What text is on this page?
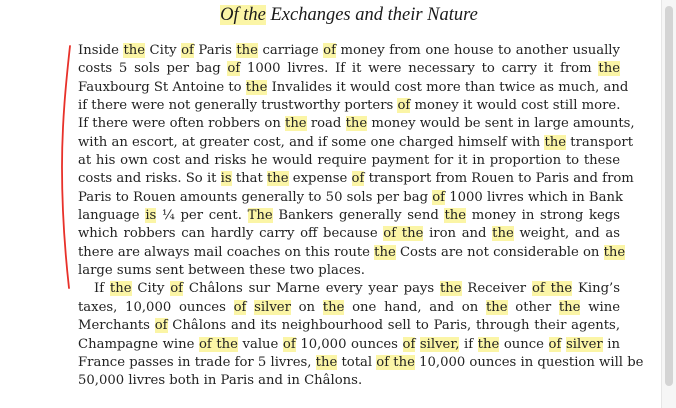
Of the Exchanges and their Nature
Inside the City of Paris the carriage of money from one house to another usually
costs 5 sols per bag of 1000 livres. If it were necessary to carry it from the
Fauxbourg St Antoine to the Invalides it would cost more than twice as much, and
if there were not generally trustworthy porters of money it would cost still more.
If there were often robbers on the road the money would be sent in large amounts,
with an escort, at greater cost, and if some one charged himself with the transport
at his own cost and risks he would require payment for it in proportion to these
costs and risks. So it is that the expense of transport from Rouen to Paris and from
Paris to Rouen amounts generally to 50 sols per bag of 1000 livres which in Bank
language is ¼ per cent. The Bankers generally send the money in strong kegs
which robbers can hardly carry off because of the iron and the weight, and as
there are always mail coaches on this route the Costs are not considerable on the
large sums sent between these two places.
If the City of Châlons sur Marne every year pays the Receiver of the King’s
taxes, 10,000 ounces of silver on the one hand, and on the other the wine
Merchants of Châlons and its neighbourhood sell to Paris, through their agents,
Champagne wine of the value of 10,000 ounces of silver, if the ounce of silver in
France passes in trade for 5 livres, the total of the 10,000 ounces in question will be
50,000 livres both in Paris and in Châlons.
